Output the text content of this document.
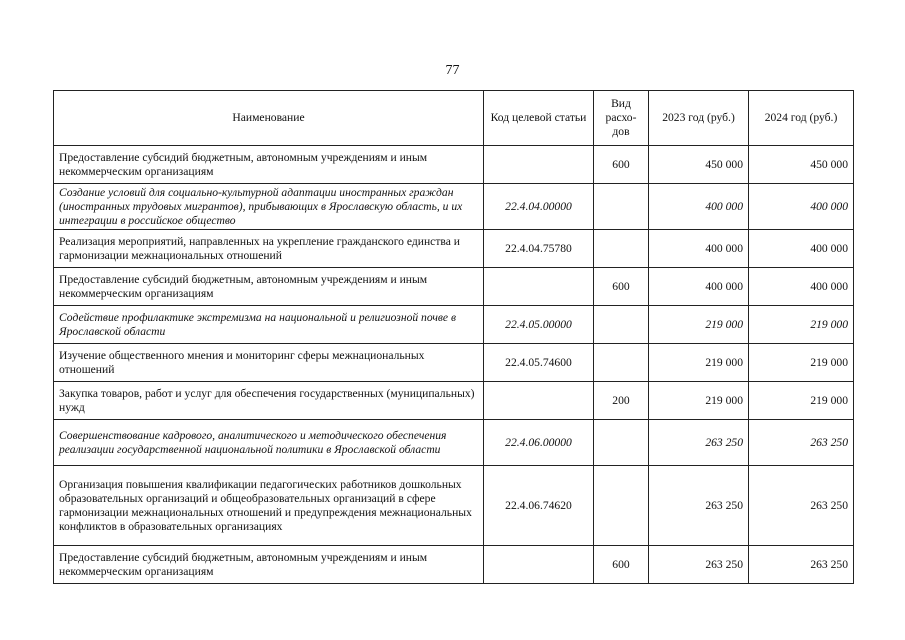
77
Наименование	Код целевой статьи	Вид расхо-дов	2023 год (руб.)	2024 год (руб.)
Предоставление субсидий бюджетным, автономным учреждениям и иным некоммерческим организациям		600	450 000	450 000
Создание условий для социально-культурной адаптации иностранных граждан (иностранных трудовых мигрантов), прибывающих в Ярославскую область, и их интеграции в российское общество	22.4.04.00000		400 000	400 000
Реализация мероприятий, направленных на укрепление гражданского единства и гармонизации межнациональных отношений	22.4.04.75780		400 000	400 000
Предоставление субсидий бюджетным, автономным учреждениям и иным некоммерческим организациям		600	400 000	400 000
Содействие профилактике экстремизма на национальной и религиозной почве в Ярославской области	22.4.05.00000		219 000	219 000
Изучение общественного мнения и мониторинг сферы межнациональных отношений	22.4.05.74600		219 000	219 000
Закупка товаров, работ и услуг для обеспечения государственных (муниципальных) нужд		200	219 000	219 000
Совершенствование кадрового, аналитического и методического обеспечения реализации государственной национальной политики в Ярославской области	22.4.06.00000		263 250	263 250
Организация повышения квалификации педагогических работников дошкольных образовательных организаций и общеобразовательных организаций в сфере гармонизации межнациональных отношений и предупреждения межнациональных конфликтов в образовательных организациях	22.4.06.74620		263 250	263 250
Предоставление субсидий бюджетным, автономным учреждениям и иным некоммерческим организациям		600	263 250	263 250
